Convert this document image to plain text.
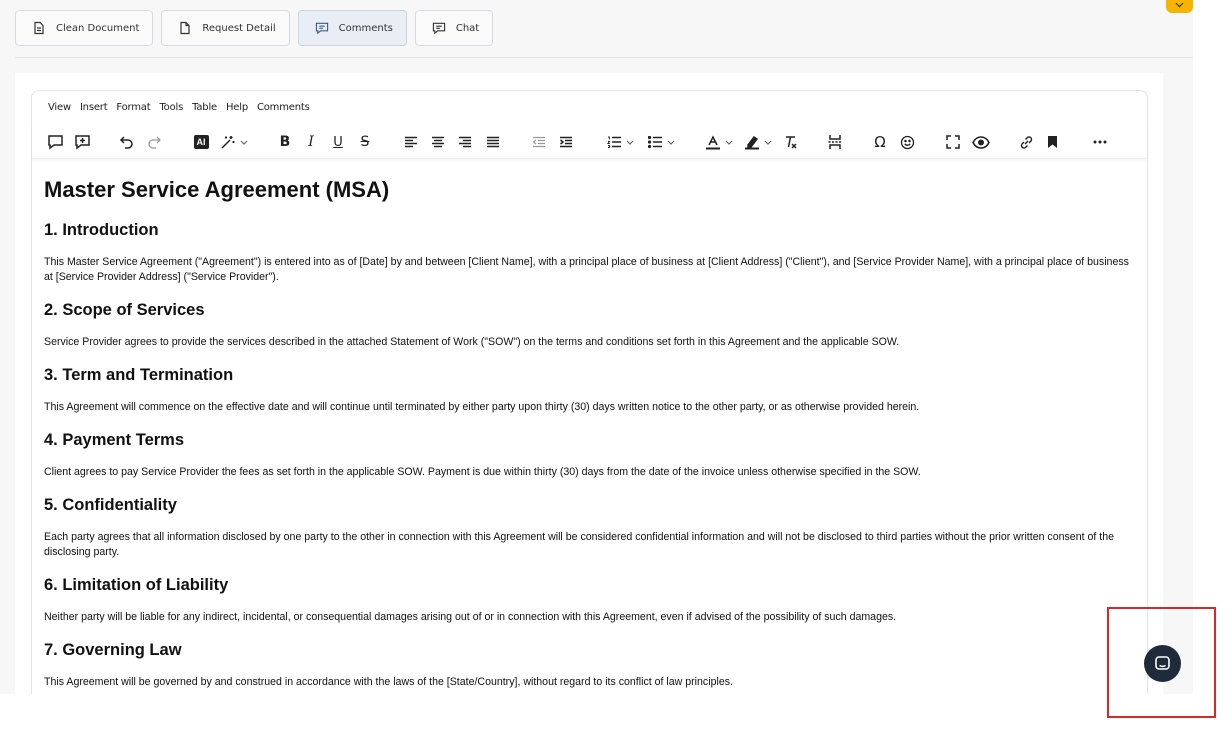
Clean Document	Request Detail	Comments	Chat
View Insert Format Tools Table Help Comments
AI	B I U S	Ω
Master Service Agreement (MSA)
1. Introduction

This Master Service Agreement ("Agreement") is entered into as of [Date] by and between [Client Name], with a principal place of business at [Client Address] ("Client"), and [Service Provider Name], with a principal place of business at [Service Provider Address] ("Service Provider").

2. Scope of Services

Service Provider agrees to provide the services described in the attached Statement of Work ("SOW") on the terms and conditions set forth in this Agreement and the applicable SOW.

3. Term and Termination

This Agreement will commence on the effective date and will continue until terminated by either party upon thirty (30) days written notice to the other party, or as otherwise provided herein.

4. Payment Terms

Client agrees to pay Service Provider the fees as set forth in the applicable SOW. Payment is due within thirty (30) days from the date of the invoice unless otherwise specified in the SOW.

5. Confidentiality

Each party agrees that all information disclosed by one party to the other in connection with this Agreement will be considered confidential information and will not be disclosed to third parties without the prior written consent of the disclosing party.

6. Limitation of Liability

Neither party will be liable for any indirect, incidental, or consequential damages arising out of or in connection with this Agreement, even if advised of the possibility of such damages.

7. Governing Law

This Agreement will be governed by and construed in accordance with the laws of the [State/Country], without regard to its conflict of law principles.
